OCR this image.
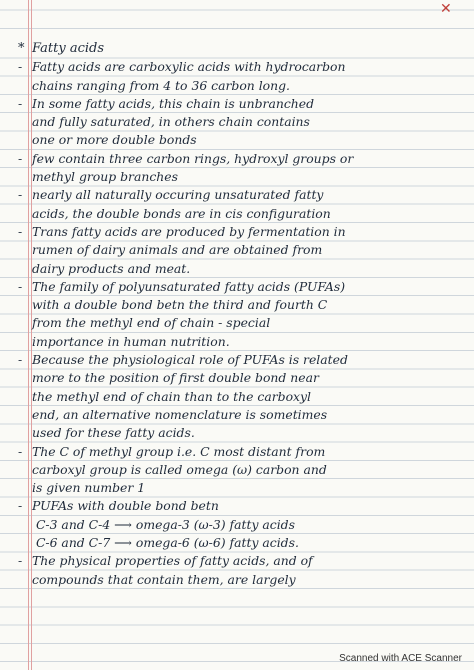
✕
* Fatty acids
- Fatty acids are carboxylic acids with hydrocarbon
chains ranging from 4 to 36 carbon long.
- In some fatty acids, this chain is unbranched
and fully saturated, in others chain contains
one or more double bonds
- few contain three carbon rings, hydroxyl groups or
methyl group branches
- nearly all naturally occuring unsaturated fatty
acids, the double bonds are in cis configuration
- Trans fatty acids are produced by fermentation in
rumen of dairy animals and are obtained from
dairy products and meat.
- The family of polyunsaturated fatty acids (PUFAs)
with a double bond betn the third and fourth C
from the methyl end of chain - special
importance in human nutrition.
- Because the physiological role of PUFAs is related
more to the position of first double bond near
the methyl end of chain than to the carboxyl
end, an alternative nomenclature is sometimes
used for these fatty acids.
- The C of methyl group i.e. C most distant from
carboxyl group is called omega (ω) carbon and
is given number 1
- PUFAs with double bond betn
C-3 and C-4 ⟶ omega-3 (ω-3) fatty acids
C-6 and C-7 ⟶ omega-6 (ω-6) fatty acids.
- The physical properties of fatty acids, and of
compounds that contain them, are largely
Scanned with ACE Scanner
